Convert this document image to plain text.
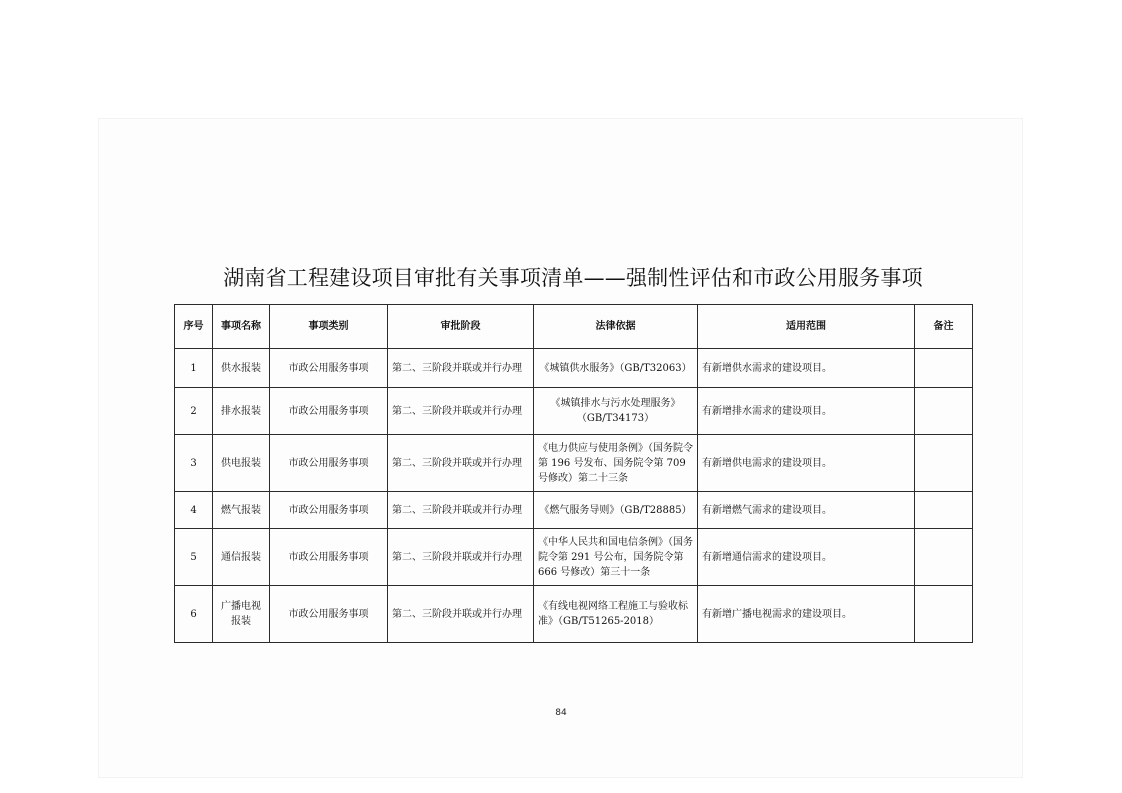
湖南省工程建设项目审批有关事项清单——强制性评估和市政公用服务事项
序号	事项名称	事项类别	审批阶段	法律依据	适用范围	备注
1	供水报装	市政公用服务事项	第二、三阶段并联或并行办理	《城镇供水服务》（GB/T32063）	有新增供水需求的建设项目。	
2	排水报装	市政公用服务事项	第二、三阶段并联或并行办理	《城镇排水与污水处理服务》（GB/T34173）	有新增排水需求的建设项目。	
3	供电报装	市政公用服务事项	第二、三阶段并联或并行办理	《电力供应与使用条例》（国务院令第 196 号发布、国务院令第 709 号修改）第二十三条	有新增供电需求的建设项目。	
4	燃气报装	市政公用服务事项	第二、三阶段并联或并行办理	《燃气服务导则》（GB/T28885）	有新增燃气需求的建设项目。	
5	通信报装	市政公用服务事项	第二、三阶段并联或并行办理	《中华人民共和国电信条例》（国务院令第 291 号公布，国务院令第 666 号修改）第三十一条	有新增通信需求的建设项目。	
6	广播电视报装	市政公用服务事项	第二、三阶段并联或并行办理	《有线电视网络工程施工与验收标准》（GB/T51265-2018）	有新增广播电视需求的建设项目。	
84
